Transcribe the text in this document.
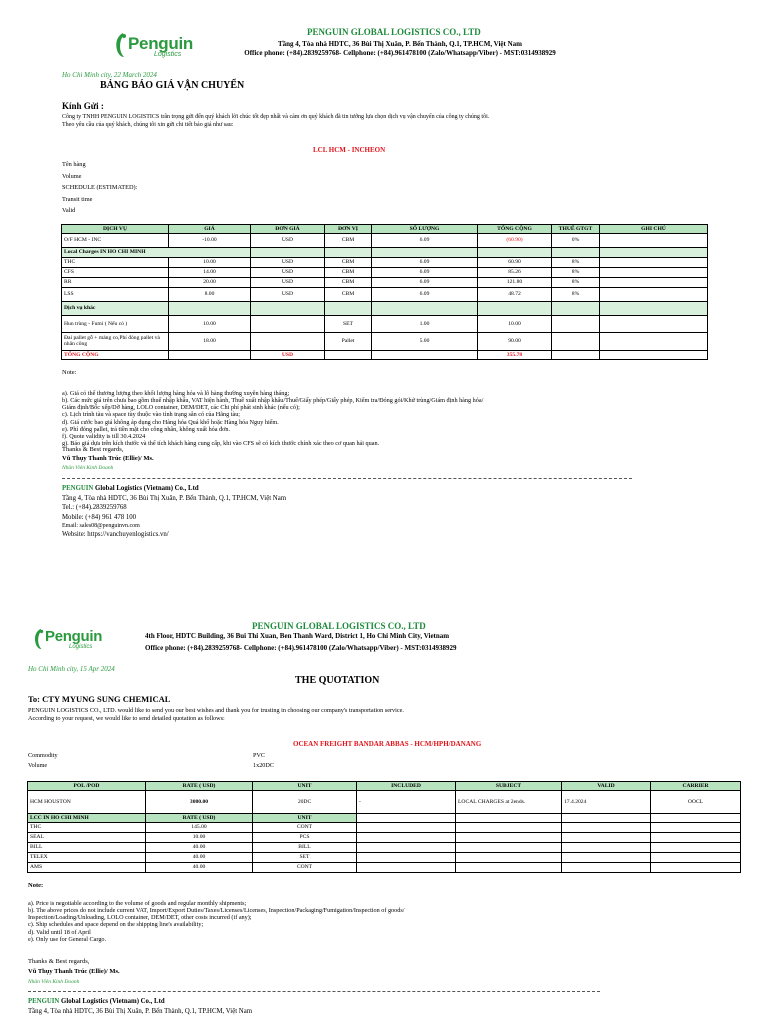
Penguin
Logistics
PENGUIN GLOBAL LOGISTICS CO., LTD
Tầng 4, Tòa nhà HDTC, 36 Bùi Thị Xuân, P. Bến Thành, Q.1, TP.HCM, Việt Nam
Office phone: (+84).2839259768- Cellphone: (+84).961478100 (Zalo/Whatsapp/Viber) - MST:0314938929
Ho Chi Minh city, 22 March 2024
BẢNG BÁO GIÁ VẬN CHUYỂN
Kính Gửi :
Công ty TNHH PENGUIN LOGISTICS trân trọng gửi đến quý khách lời chúc tốt đẹp nhất và cám ơn quý khách đã tin tưởng lựa chọn dịch vụ vận chuyển của công ty chúng tôi.
Theo yêu cầu của quý khách, chúng tôi xin gửi chi tiết báo giá như sau:
LCL HCM - INCHEON
Tên hàng
Volume
SCHEDULE (ESTIMATED):
Transit time
Valid
DỊCH VỤ	GIÁ	ĐƠN GIÁ	ĐƠN VỊ	SỐ LƯỢNG	TỔNG CỘNG	THUẾ GTGT	GHI CHÚ
O/F HCM - INC	-10.00	USD	CBM	6.09	(60.90)	0%	
Local Charges IN HO CHI MINH							
THC	10.00	USD	CBM	6.09	60.90	8%	
CFS	14.00	USD	CBM	6.09	85.26	8%	
RR	20.00	USD	CBM	6.09	121.80	8%	
LSS	8.00	USD	CBM	6.09	48.72	8%	
Dịch vụ khác							
Hun trùng - Fumi ( Nếu có )	10.00		SET	1.00	10.00		
Đai pallet gỗ + màng co,Phí đóng pallet và nhân công	18.00		Pallet	5.00	90.00		
TỔNG CỘNG		USD			355.78		
Note:
a). Giá có thể thương lượng theo khối lượng hàng hóa và lô hàng thường xuyên hàng tháng;
b). Các mức giá trên chưa bao gồm thuế nhập khẩu, VAT hiện hành, Thuế xuất nhập khẩu/Thuế/Giấy phép/Giấy phép, Kiểm tra/Đóng gói/Khử trùng/Giám định hàng hóa/
Giám định/Bốc xếp/Dỡ hàng, LOLO container, DEM/DET, các Chi phí phát sinh khác (nếu có);
c). Lịch trình tàu và space tùy thuộc vào tình trạng sẵn có của Hãng tàu;
d). Giá cước bao giá không áp dụng cho Hàng hóa Quá khổ hoặc Hàng hóa Nguy hiểm.
e). Phí đóng pallet, trả tiền mặt cho công nhân, không xuất hóa đơn.
f). Quote validity is till 30.4.2024
g). Báo giá dựa trên kích thước và thể tích khách hàng cung cấp, khi vào CFS sẽ có kích thước chính xác theo cơ quan hải quan.
Thanks & Best regards,
Vũ Thụy Thanh Trúc (Ellie)/ Ms.
Nhân Viên Kinh Doanh
PENGUIN Global Logistics (Vietnam) Co., Ltd
Tầng 4, Tòa nhà HDTC, 36 Bùi Thị Xuân, P. Bến Thành, Q.1, TP.HCM, Việt Nam
Tel.: (+84).2839259768
Mobile: (+84) 961 478 100
Email: sales08@penguinvn.com
Website: https://vanchuyenlogistics.vn/
Penguin
Logistics
PENGUIN GLOBAL LOGISTICS CO., LTD
4th Floor, HDTC Building, 36 Bui Thi Xuan, Ben Thanh Ward, District 1, Ho Chi Minh City, Vietnam
Office phone: (+84).2839259768- Cellphone: (+84).961478100 (Zalo/Whatsapp/Viber) - MST:0314938929
Ho Chi Minh city, 15 Apr 2024
THE QUOTATION
To: CTY MYUNG SUNG CHEMICAL
PENGUIN LOGISTICS CO., LTD. would like to send you our best wishes and thank you for trusting in choosing our company's transportation service.
According to your request, we would like to send detailed quotation as follows:
OCEAN FREIGHT BANDAR ABBAS - HCM/HPH/DANANG
Commodity	PVC
Volume	1x20DC
POL /POD	RATE ( USD)	UNIT	INCLUDED	SUBJECT	VALID	CARRIER
HCM HOUSTON	3080.00	20DC	-	LOCAL CHARGES at 2ends.	17.4.2024	OOCL
LCC IN HO CHI MINH	RATE ( USD)	UNIT				
THC	145.00	CONT				
SEAL	10.00	PCS				
BILL	40.00	BILL				
TELEX	40.00	SET				
AMS	40.00	CONT				
Note:
a). Price is negotiable according to the volume of goods and regular monthly shipments;
b). The above prices do not include current VAT, Import/Export Duties/Taxes/Licenses/Licenses, Inspection/Packaging/Fumigation/Inspection of goods/
Inspection/Loading/Unloading, LOLO container, DEM/DET, other costs incurred (if any);
c). Ship schedules and space depend on the shipping line's availability;
d). Valid until 18 of April
e). Only use for General Cargo.
Thanks & Best regards,
Vũ Thụy Thanh Trúc (Ellie)/ Ms.
Nhân Viên Kinh Doanh
PENGUIN Global Logistics (Vietnam) Co., Ltd
Tầng 4, Tòa nhà HDTC, 36 Bùi Thị Xuân, P. Bến Thành, Q.1, TP.HCM, Việt Nam
